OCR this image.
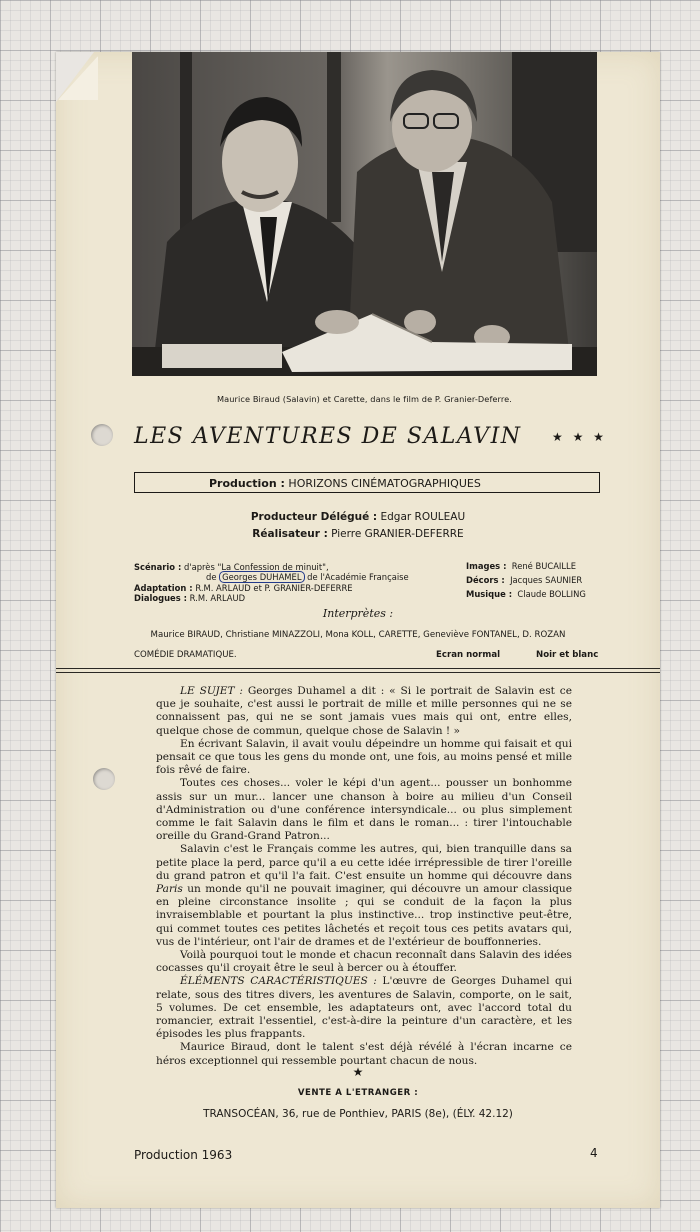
Maurice Biraud (Salavin) et Carette, dans le film de P. Granier-Deferre.
LES AVENTURES DE SALAVIN	★ ★ ★
Production : HORIZONS CINÉMATOGRAPHIQUES
Producteur Délégué : Edgar ROULEAU
Réalisateur : Pierre GRANIER-DEFERRE
Scénario : d'après "La Confession de minuit",
de Georges DUHAMEL de l'Académie Française
Adaptation : R.M. ARLAUD et P. GRANIER-DEFERRE
Dialogues : R.M. ARLAUD
Images : René BUCAILLE
Décors : Jacques SAUNIER
Musique : Claude BOLLING
Interprètes :
Maurice BIRAUD, Christiane MINAZZOLI, Mona KOLL, CARETTE, Geneviève FONTANEL, D. ROZAN
COMÉDIE DRAMATIQUE.	Ecran normal	Noir et blanc

LE SUJET : Georges Duhamel a dit : « Si le portrait de Salavin est ce que je souhaite, c'est aussi le portrait de mille et mille personnes qui ne se connaissent pas, qui ne se sont jamais vues mais qui ont, entre elles, quelque chose de commun, quelque chose de Salavin ! »

En écrivant Salavin, il avait voulu dépeindre un homme qui faisait et qui pensait ce que tous les gens du monde ont, une fois, au moins pensé et mille fois rêvé de faire.

Toutes ces choses... voler le képi d'un agent... pousser un bonhomme assis sur un mur... lancer une chanson à boire au milieu d'un Conseil d'Administration ou d'une conférence intersyndicale... ou plus simplement comme le fait Salavin dans le film et dans le roman... : tirer l'intouchable oreille du Grand-Grand Patron...

Salavin c'est le Français comme les autres, qui, bien tranquille dans sa petite place la perd, parce qu'il a eu cette idée irrépressible de tirer l'oreille du grand patron et qu'il l'a fait. C'est ensuite un homme qui découvre dans Paris un monde qu'il ne pouvait imaginer, qui découvre un amour classique en pleine circonstance insolite ; qui se conduit de la façon la plus invraisemblable et pourtant la plus instinctive... trop instinctive peut-être, qui commet toutes ces petites lâchetés et reçoit tous ces petits avatars qui, vus de l'intérieur, ont l'air de drames et de l'extérieur de bouffonneries.

Voilà pourquoi tout le monde et chacun reconnaît dans Salavin des idées cocasses qu'il croyait être le seul à bercer ou à étouffer.

ÉLÉMENTS CARACTÉRISTIQUES : L'œuvre de Georges Duhamel qui relate, sous des titres divers, les aventures de Salavin, comporte, on le sait, 5 volumes. De cet ensemble, les adaptateurs ont, avec l'accord total du romancier, extrait l'essentiel, c'est-à-dire la peinture d'un caractère, et les épisodes les plus frappants.

Maurice Biraud, dont le talent s'est déjà révélé à l'écran incarne ce héros exceptionnel qui ressemble pourtant chacun de nous.

★
VENTE A L'ETRANGER :
TRANSOCÉAN, 36, rue de Ponthiev, PARIS (8e), (ÉLY. 42.12)
Production 1963	4
